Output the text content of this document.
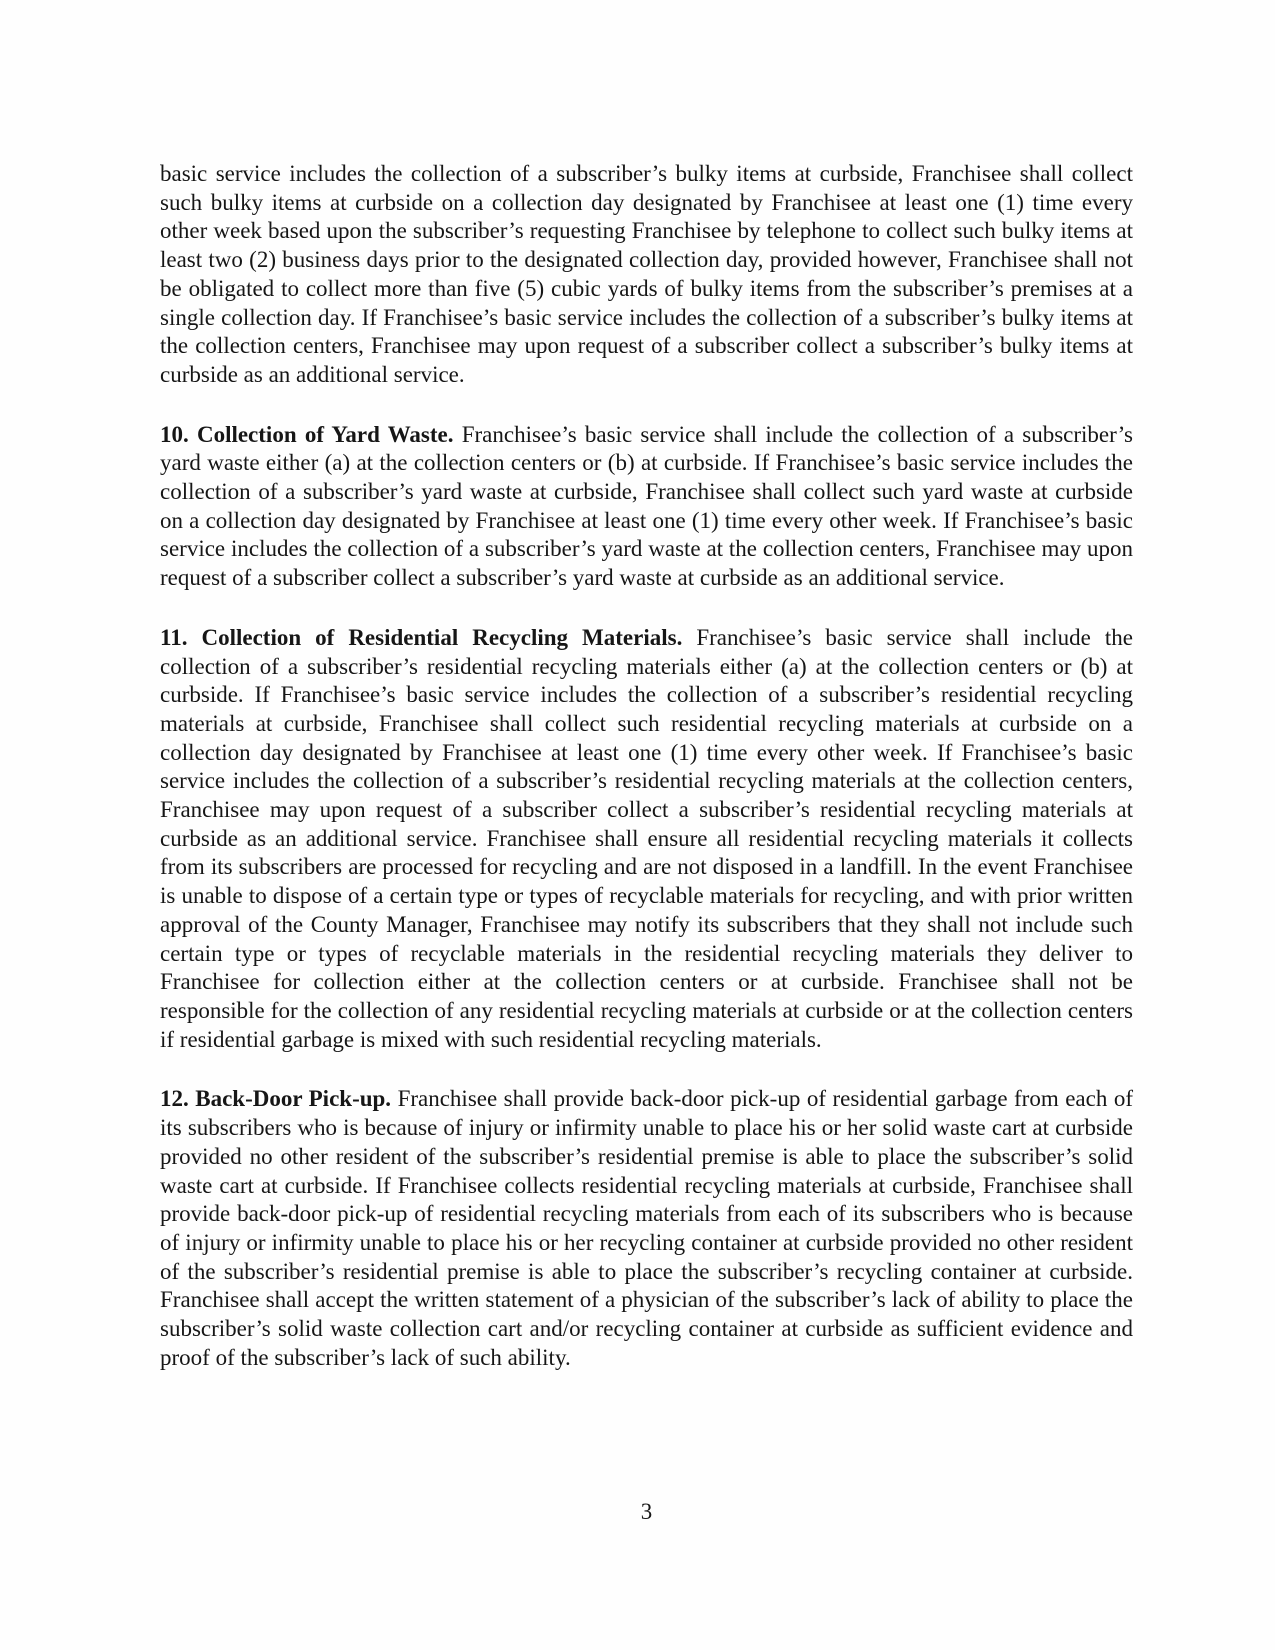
basic service includes the collection of a subscriber’s bulky items at curbside, Franchisee shall collect such bulky items at curbside on a collection day designated by Franchisee at least one (1) time every other week based upon the subscriber’s requesting Franchisee by telephone to collect such bulky items at least two (2) business days prior to the designated collection day, provided however, Franchisee shall not be obligated to collect more than five (5) cubic yards of bulky items from the subscriber’s premises at a single collection day. If Franchisee’s basic service includes the collection of a subscriber’s bulky items at the collection centers, Franchisee may upon request of a subscriber collect a subscriber’s bulky items at curbside as an additional service.

10. Collection of Yard Waste. Franchisee’s basic service shall include the collection of a subscriber’s yard waste either (a) at the collection centers or (b) at curbside. If Franchisee’s basic service includes the collection of a subscriber’s yard waste at curbside, Franchisee shall collect such yard waste at curbside on a collection day designated by Franchisee at least one (1) time every other week. If Franchisee’s basic service includes the collection of a subscriber’s yard waste at the collection centers, Franchisee may upon request of a subscriber collect a subscriber’s yard waste at curbside as an additional service.

11. Collection of Residential Recycling Materials. Franchisee’s basic service shall include the collection of a subscriber’s residential recycling materials either (a) at the collection centers or (b) at curbside. If Franchisee’s basic service includes the collection of a subscriber’s residential recycling materials at curbside, Franchisee shall collect such residential recycling materials at curbside on a collection day designated by Franchisee at least one (1) time every other week. If Franchisee’s basic service includes the collection of a subscriber’s residential recycling materials at the collection centers, Franchisee may upon request of a subscriber collect a subscriber’s residential recycling materials at curbside as an additional service. Franchisee shall ensure all residential recycling materials it collects from its subscribers are processed for recycling and are not disposed in a landfill. In the event Franchisee is unable to dispose of a certain type or types of recyclable materials for recycling, and with prior written approval of the County Manager, Franchisee may notify its subscribers that they shall not include such certain type or types of recyclable materials in the residential recycling materials they deliver to Franchisee for collection either at the collection centers or at curbside. Franchisee shall not be responsible for the collection of any residential recycling materials at curbside or at the collection centers if residential garbage is mixed with such residential recycling materials.

12. Back-Door Pick-up. Franchisee shall provide back-door pick-up of residential garbage from each of its subscribers who is because of injury or infirmity unable to place his or her solid waste cart at curbside provided no other resident of the subscriber’s residential premise is able to place the subscriber’s solid waste cart at curbside. If Franchisee collects residential recycling materials at curbside, Franchisee shall provide back-door pick-up of residential recycling materials from each of its subscribers who is because of injury or infirmity unable to place his or her recycling container at curbside provided no other resident of the subscriber’s residential premise is able to place the subscriber’s recycling container at curbside. Franchisee shall accept the written statement of a physician of the subscriber’s lack of ability to place the subscriber’s solid waste collection cart and/or recycling container at curbside as sufficient evidence and proof of the subscriber’s lack of such ability.

3
